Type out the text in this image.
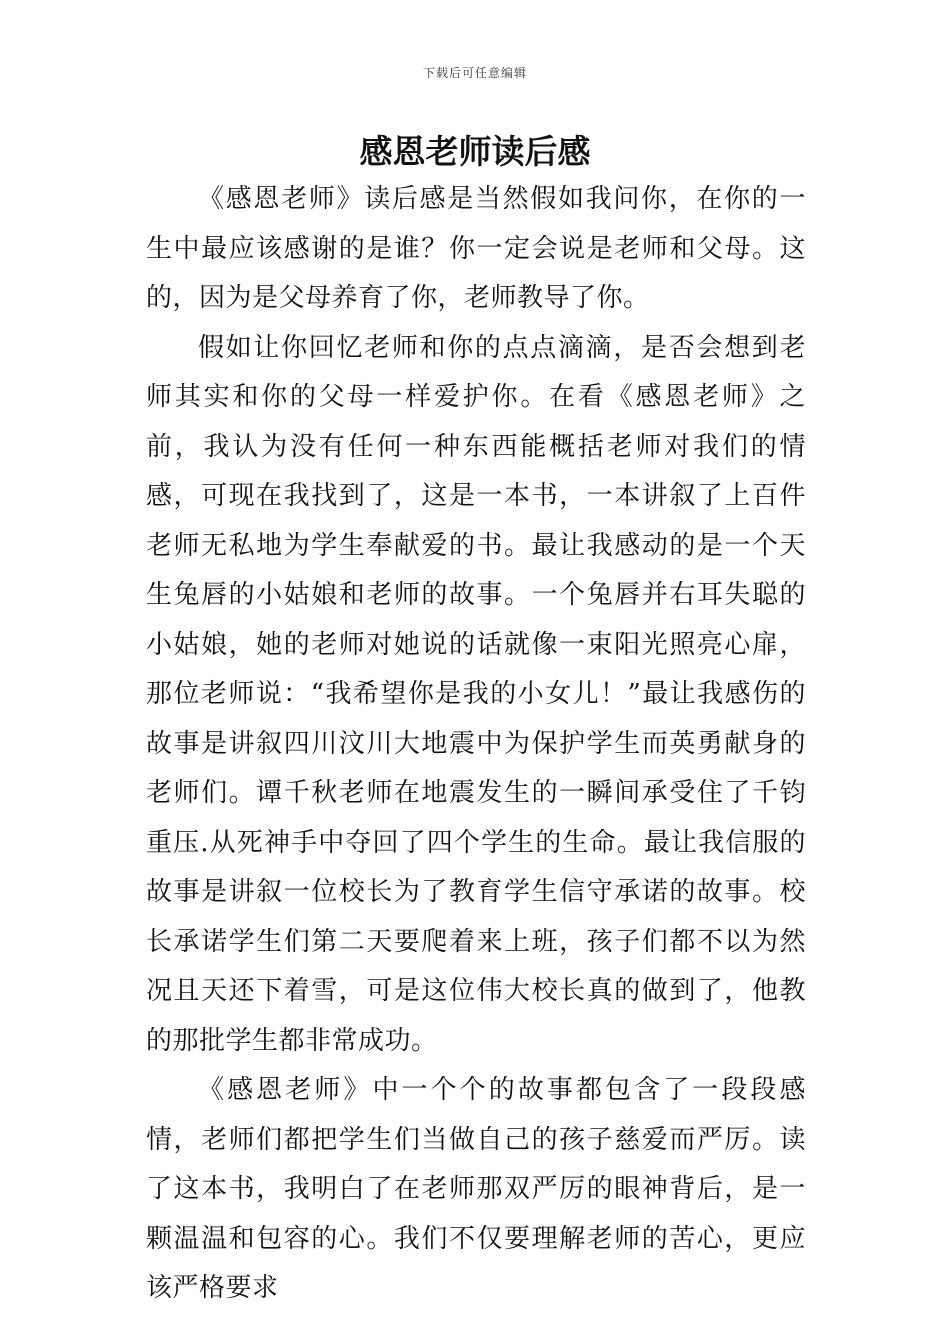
下载后可任意编辑
感恩老师读后感

《感恩老师》读后感是当然假如我问你，在你的一生中最应该感谢的是谁？你一定会说是老师和父母。这的，因为是父母养育了你，老师教导了你。

假如让你回忆老师和你的点点滴滴，是否会想到老师其实和你的父母一样爱护你。在看《感恩老师》之前，我认为没有任何一种东西能概括老师对我们的情感，可现在我找到了，这是一本书，一本讲叙了上百件老师无私地为学生奉献爱的书。最让我感动的是一个天生兔唇的小姑娘和老师的故事。一个兔唇并右耳失聪的小姑娘，她的老师对她说的话就像一束阳光照亮心扉，那位老师说：“我希望你是我的小女儿！”最让我感伤的故事是讲叙四川汶川大地震中为保护学生而英勇献身的老师们。谭千秋老师在地震发生的一瞬间承受住了千钧重压.从死神手中夺回了四个学生的生命。最让我信服的故事是讲叙一位校长为了教育学生信守承诺的故事。校长承诺学生们第二天要爬着来上班，孩子们都不以为然况且天还下着雪，可是这位伟大校长真的做到了，他教的那批学生都非常成功。

《感恩老师》中一个个的故事都包含了一段段感情，老师们都把学生们当做自己的孩子慈爱而严厉。读了这本书，我明白了在老师那双严厉的眼神背后，是一颗温温和包容的心。我们不仅要理解老师的苦心，更应该严格要求
